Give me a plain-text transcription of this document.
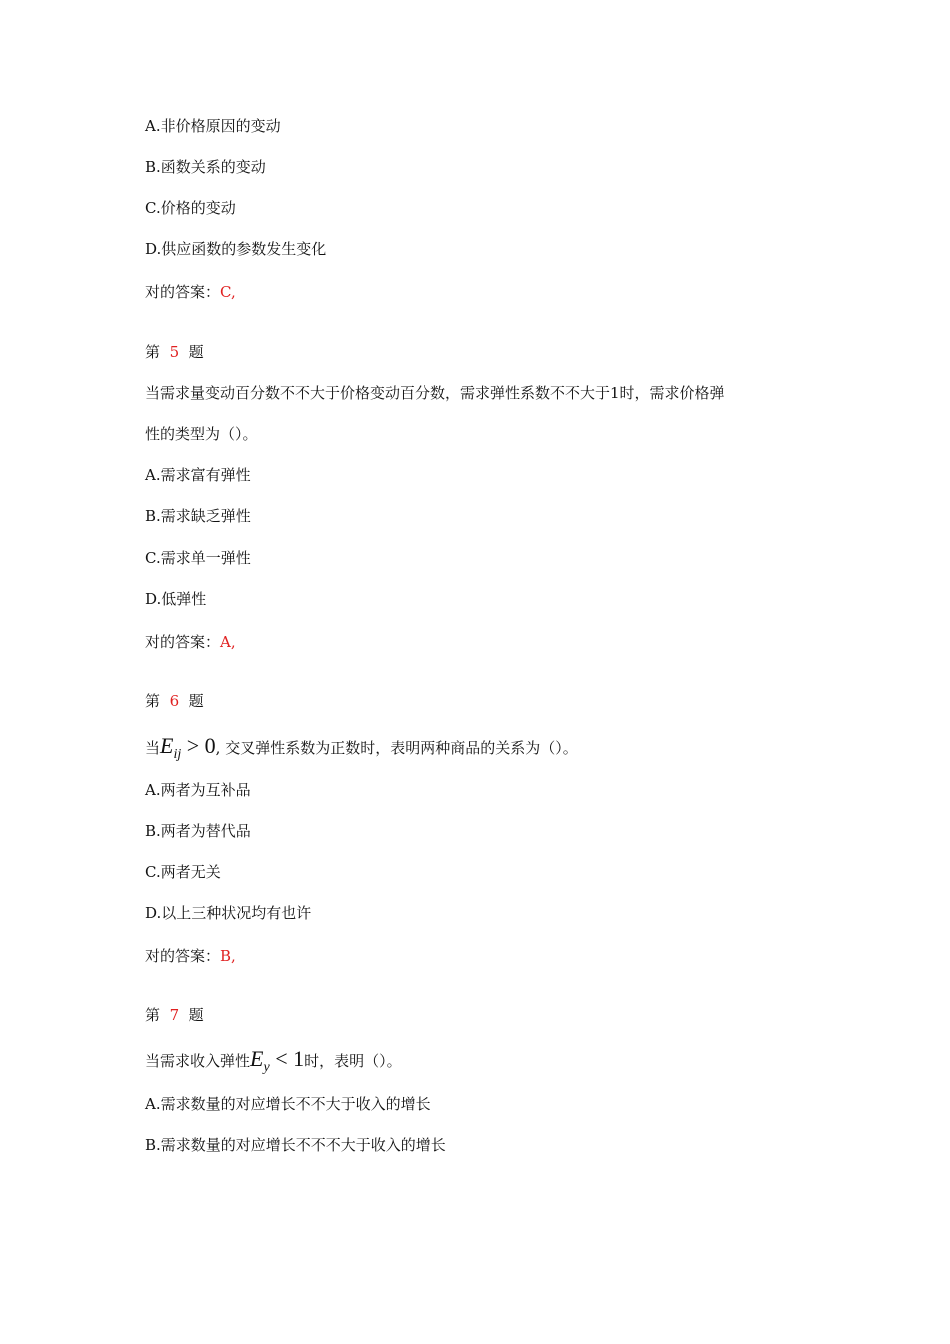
A.非价格原因的变动
B.函数关系的变动
C.价格的变动
D.供应函数的参数发生变化
对的答案：C,
第 5 题
当需求量变动百分数不不大于价格变动百分数，需求弹性系数不不大于1时，需求价格弹
性的类型为（）。
A.需求富有弹性
B.需求缺乏弹性
C.需求单一弹性
D.低弹性
对的答案：A,
第 6 题
当$E_{ij} > 0$, 交叉弹性系数为正数时，表明两种商品的关系为（）。
A.两者为互补品
B.两者为替代品
C.两者无关
D.以上三种状况均有也许
对的答案：B,
第 7 题
当需求收入弹性$E_y < 1$时，表明（）。
A.需求数量的对应增长不不大于收入的增长
B.需求数量的对应增长不不不大于收入的增长
